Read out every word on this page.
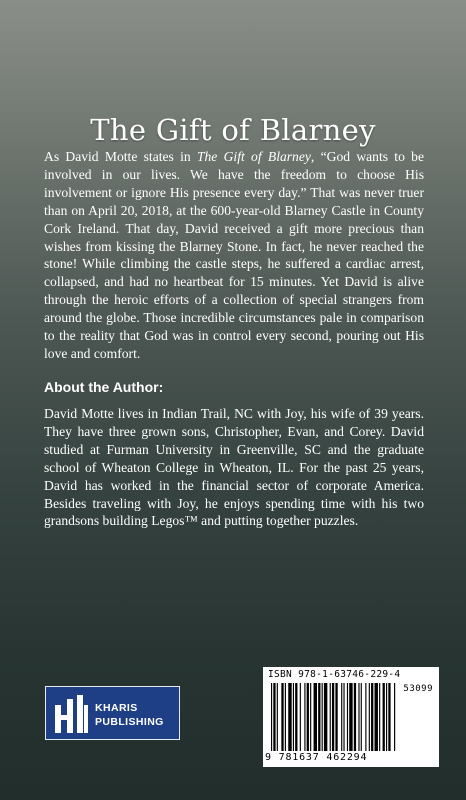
The Gift of Blarney

As David Motte states in The Gift of Blarney, “God wants to be involved in our lives. We have the freedom to choose His involvement or ignore His presence every day.” That was never truer than on April 20, 2018, at the 600-year-old Blarney Castle in County Cork Ireland. That day, David received a gift more precious than wishes from kissing the Blarney Stone. In fact, he never reached the stone! While climbing the castle steps, he suffered a cardiac arrest, collapsed, and had no heartbeat for 15 minutes. Yet David is alive through the heroic efforts of a collection of special strangers from around the globe. Those incredible circumstances pale in comparison to the reality that God was in control every second, pouring out His love and comfort.

About the Author:

David Motte lives in Indian Trail, NC with Joy, his wife of 39 years. They have three grown sons, Christopher, Evan, and Corey. David studied at Furman University in Greenville, SC and the graduate school of Wheaton College in Wheaton, IL. For the past 25 years, David has worked in the financial sector of corporate America. Besides traveling with Joy, he enjoys spending time with his two grandsons building Legos™ and putting together puzzles.

KHARIS
PUBLISHING
ISBN 978-1-63746-229-4
53099
9 781637 462294
